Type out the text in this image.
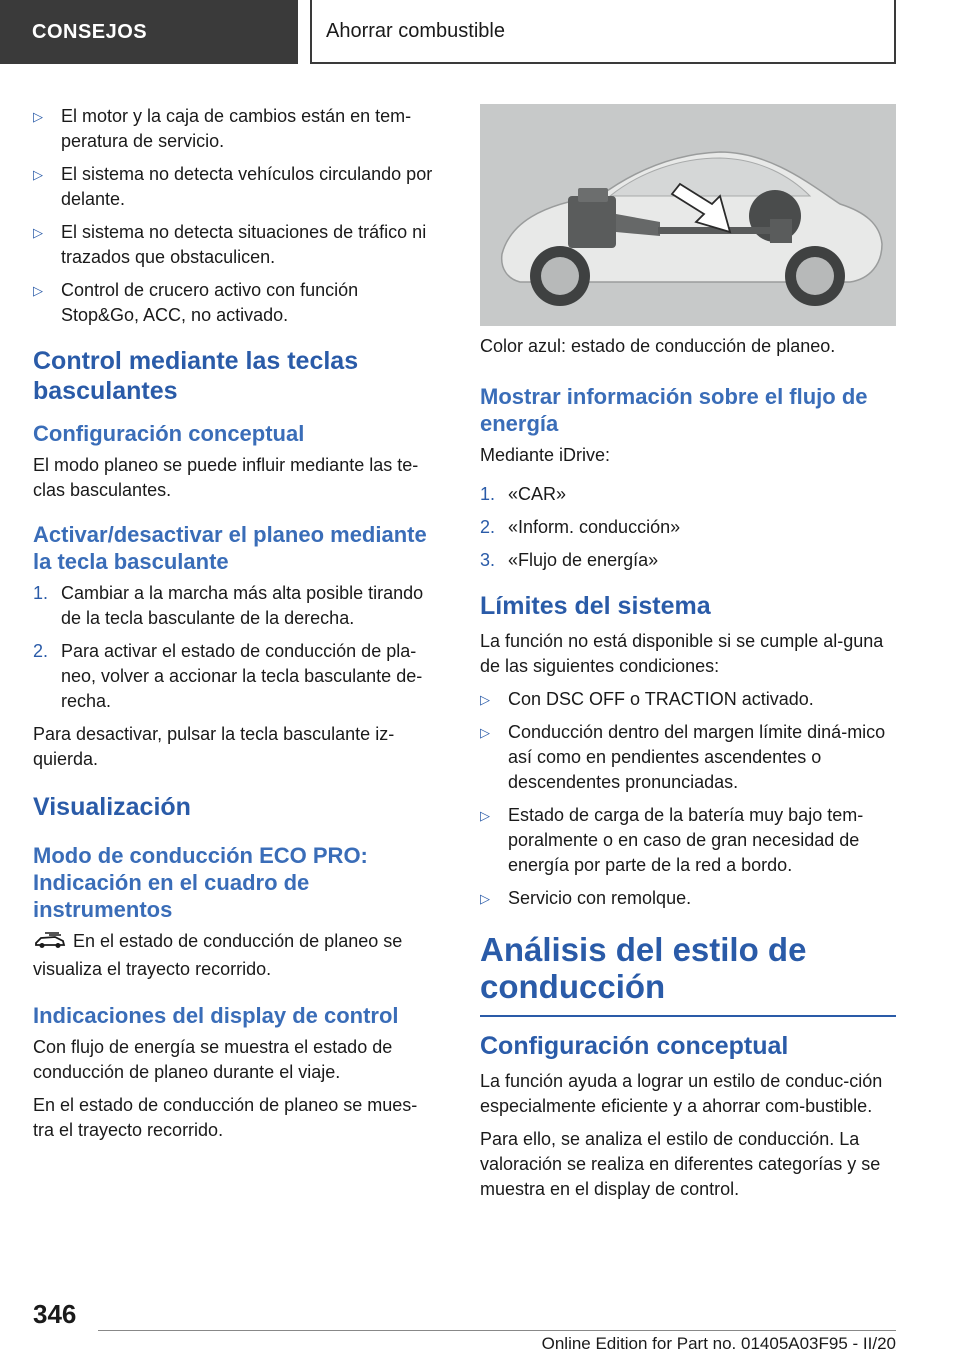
CONSEJOS	Ahorrar combustible
▷ El motor y la caja de cambios están en tem-peratura de servicio.
▷ El sistema no detecta vehículos circulando por delante.
▷ El sistema no detecta situaciones de tráfico ni trazados que obstaculicen.
▷ Control de crucero activo con función Stop&Go, ACC, no activado.
Control mediante las teclas basculantes
Configuración conceptual

El modo planeo se puede influir mediante las te-clas basculantes.

Activar/desactivar el planeo mediante la tecla basculante
1. Cambiar a la marcha más alta posible tirando de la tecla basculante de la derecha.
2. Para activar el estado de conducción de pla-neo, volver a accionar la tecla basculante de-recha.

Para desactivar, pulsar la tecla basculante iz-quierda.

Visualización
Modo de conducción ECO PRO: Indicación en el cuadro de instrumentos

En el estado de conducción de planeo se visualiza el trayecto recorrido.

Indicaciones del display de control

Con flujo de energía se muestra el estado de conducción de planeo durante el viaje.

En el estado de conducción de planeo se mues-tra el trayecto recorrido.

Color azul: estado de conducción de planeo.

Mostrar información sobre el flujo de energía

Mediante iDrive:

1. «CAR»
2. «Inform. conducción»
3. «Flujo de energía»
Límites del sistema

La función no está disponible si se cumple al-guna de las siguientes condiciones:

▷ Con DSC OFF o TRACTION activado.
▷ Conducción dentro del margen límite diná-mico así como en pendientes ascendentes o descendentes pronunciadas.
▷ Estado de carga de la batería muy bajo tem-poralmente o en caso de gran necesidad de energía por parte de la red a bordo.
▷ Servicio con remolque.
Análisis del estilo de conducción
Configuración conceptual

La función ayuda a lograr un estilo de conduc-ción especialmente eficiente y a ahorrar com-bustible.

Para ello, se analiza el estilo de conducción. La valoración se realiza en diferentes categorías y se muestra en el display de control.

346
Online Edition for Part no. 01405A03F95 - II/20
